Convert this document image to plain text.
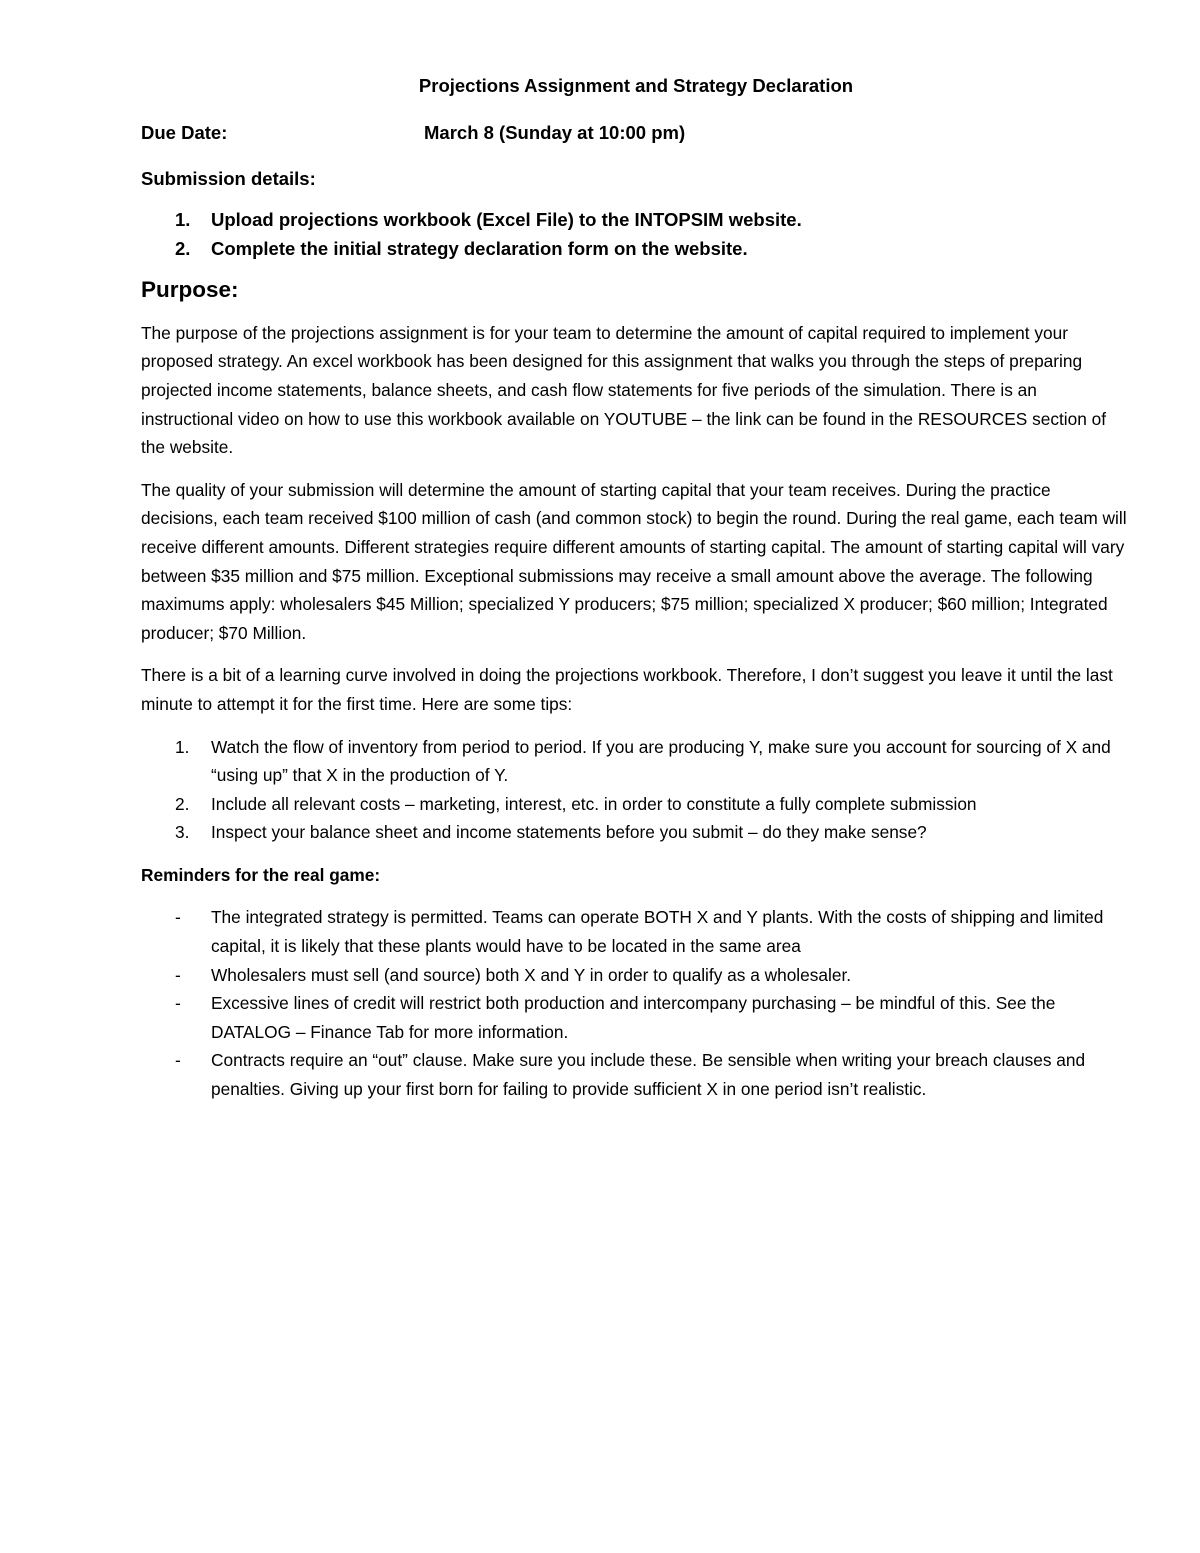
Projections Assignment and Strategy Declaration
Due Date:	March 8 (Sunday at 10:00 pm)
Submission details:
1.	Upload projections workbook (Excel File) to the INTOPSIM website.
2.	Complete the initial strategy declaration form on the website.
Purpose:

The purpose of the projections assignment is for your team to determine the amount of capital required to implement your proposed strategy. An excel workbook has been designed for this assignment that walks you through the steps of preparing projected income statements, balance sheets, and cash flow statements for five periods of the simulation. There is an instructional video on how to use this workbook available on YOUTUBE – the link can be found in the RESOURCES section of the website.

The quality of your submission will determine the amount of starting capital that your team receives. During the practice decisions, each team received $100 million of cash (and common stock) to begin the round. During the real game, each team will receive different amounts. Different strategies require different amounts of starting capital. The amount of starting capital will vary between $35 million and $75 million. Exceptional submissions may receive a small amount above the average. The following maximums apply: wholesalers $45 Million; specialized Y producers; $75 million; specialized X producer; $60 million; Integrated producer; $70 Million.

There is a bit of a learning curve involved in doing the projections workbook. Therefore, I don’t suggest you leave it until the last minute to attempt it for the first time. Here are some tips:

1.	Watch the flow of inventory from period to period. If you are producing Y, make sure you account for sourcing of X and “using up” that X in the production of Y.
2.	Include all relevant costs – marketing, interest, etc. in order to constitute a fully complete submission
3.	Inspect your balance sheet and income statements before you submit – do they make sense?
Reminders for the real game:
-	The integrated strategy is permitted. Teams can operate BOTH X and Y plants. With the costs of shipping and limited capital, it is likely that these plants would have to be located in the same area
-	Wholesalers must sell (and source) both X and Y in order to qualify as a wholesaler.
-	Excessive lines of credit will restrict both production and intercompany purchasing – be mindful of this. See the DATALOG – Finance Tab for more information.
-	Contracts require an “out” clause. Make sure you include these. Be sensible when writing your breach clauses and penalties. Giving up your first born for failing to provide sufficient X in one period isn’t realistic.
